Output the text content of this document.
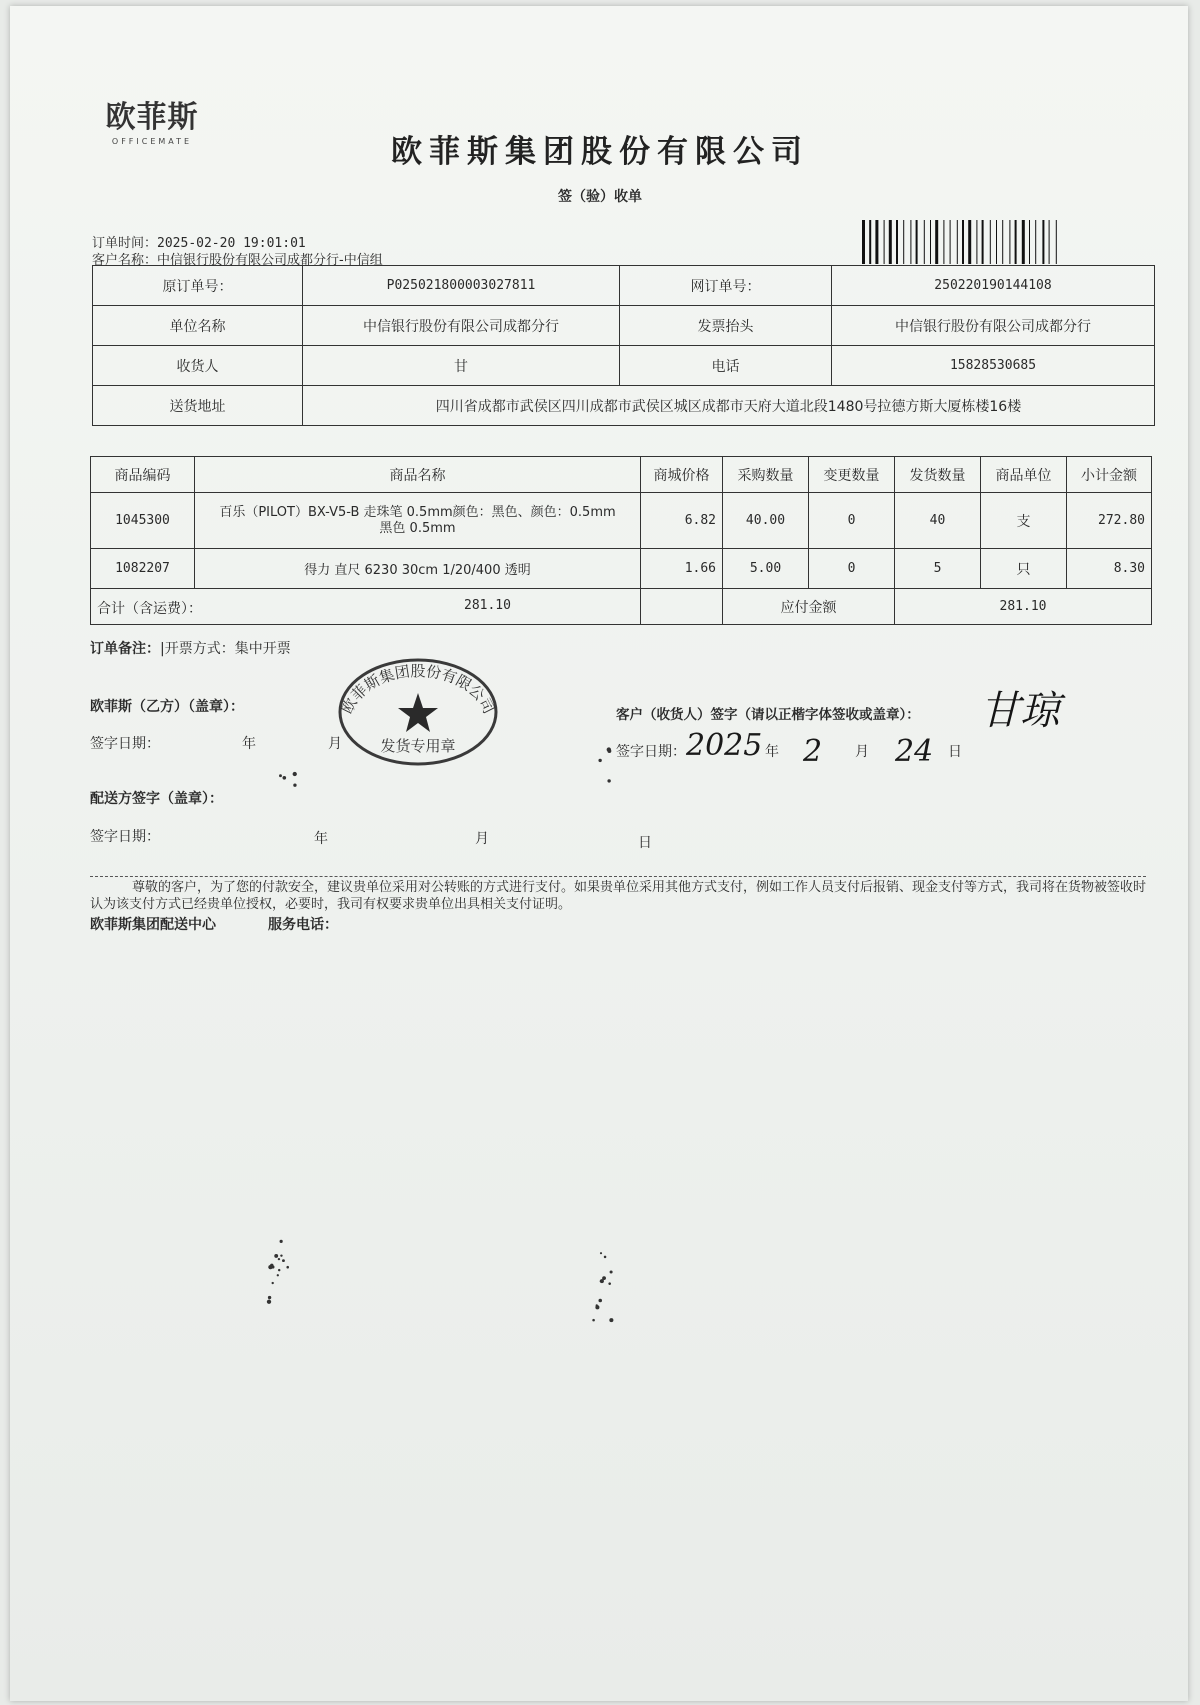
欧菲斯
OFFICEMATE	欧菲斯集团股份有限公司
签（验）收单
订单时间：2025-02-20 19:01:01
客户名称：中信银行股份有限公司成都分行-中信组
原订单号：	P025021800003027811	网订单号：	250220190144108
单位名称	中信银行股份有限公司成都分行	发票抬头	中信银行股份有限公司成都分行
收货人	甘	电话	15828530685
送货地址	四川省成都市武侯区四川成都市武侯区城区成都市天府大道北段1480号拉德方斯大厦栋楼16楼		
商品编码	商品名称	商城价格	采购数量	变更数量	发货数量	商品单位	小计金额
1045300	百乐（PILOT）BX-V5-B 走珠笔 0.5mm颜色：黑色、颜色：0.5mm
黑色 0.5mm	6.82	40.00	0	40	支	272.80
1082207	得力 直尺 6230 30cm 1/20/400 透明	1.66	5.00	0	5	只	8.30

合计（含运费）： 281.10			应付金额		281.10		
订单备注：|开票方式：集中开票
欧菲斯（乙方）（盖章）：
签字日期：	年	月
欧菲斯集团股份有限公司
发货专用章
客户（收货人）签字（请以正楷字体签收或盖章）： 甘琼
签字日期： 2025 年 2 月 24 日
配送方签字（盖章）：
签字日期：	年	月	日
尊敬的客户，为了您的付款安全，建议贵单位采用对公转账的方式进行支付。如果贵单位采用其他方式支付，例如工作人员支付后报销、现金支付等方式，我司将在货物被签收时认为该支付方式已经贵单位授权，必要时，我司有权要求贵单位出具相关支付证明。
欧菲斯集团配送中心	服务电话：
